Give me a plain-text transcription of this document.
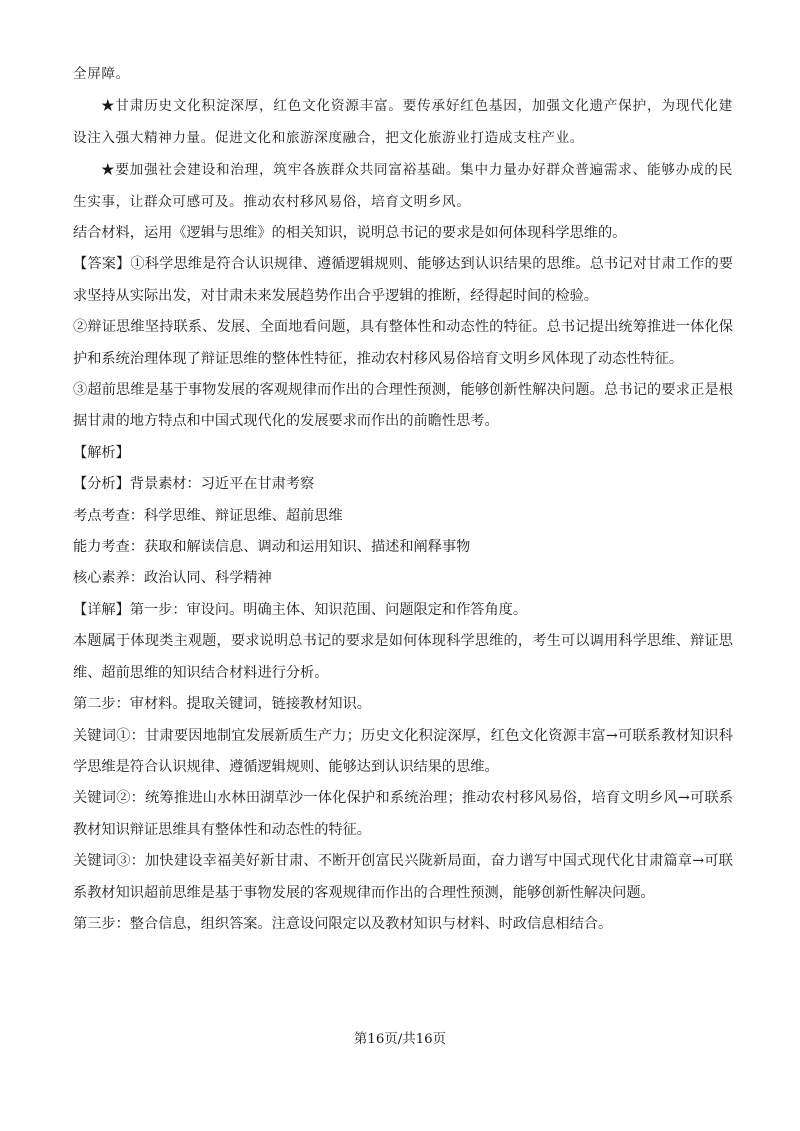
全屏障。

★甘肃历史文化积淀深厚，红色文化资源丰富。要传承好红色基因，加强文化遗产保护，为现代化建设注入强大精神力量。促进文化和旅游深度融合，把文化旅游业打造成支柱产业。

★要加强社会建设和治理，筑牢各族群众共同富裕基础。集中力量办好群众普遍需求、能够办成的民生实事，让群众可感可及。推动农村移风易俗，培育文明乡风。

结合材料，运用《逻辑与思维》的相关知识，说明总书记的要求是如何体现科学思维的。

【答案】①科学思维是符合认识规律、遵循逻辑规则、能够达到认识结果的思维。总书记对甘肃工作的要求坚持从实际出发，对甘肃未来发展趋势作出合乎逻辑的推断，经得起时间的检验。

②辩证思维坚持联系、发展、全面地看问题，具有整体性和动态性的特征。总书记提出统筹推进一体化保护和系统治理体现了辩证思维的整体性特征，推动农村移风易俗培育文明乡风体现了动态性特征。

③超前思维是基于事物发展的客观规律而作出的合理性预测，能够创新性解决问题。总书记的要求正是根据甘肃的地方特点和中国式现代化的发展要求而作出的前瞻性思考。

【解析】

【分析】背景素材：习近平在甘肃考察

考点考查：科学思维、辩证思维、超前思维

能力考查：获取和解读信息、调动和运用知识、描述和阐释事物

核心素养：政治认同、科学精神

【详解】第一步：审设问。明确主体、知识范围、问题限定和作答角度。

本题属于体现类主观题，要求说明总书记的要求是如何体现科学思维的，考生可以调用科学思维、辩证思维、超前思维的知识结合材料进行分析。

第二步：审材料。提取关键词，链接教材知识。

关键词①：甘肃要因地制宜发展新质生产力；历史文化积淀深厚，红色文化资源丰富→可联系教材知识科学思维是符合认识规律、遵循逻辑规则、能够达到认识结果的思维。

关键词②：统筹推进山水林田湖草沙一体化保护和系统治理；推动农村移风易俗，培育文明乡风→可联系教材知识辩证思维具有整体性和动态性的特征。

关键词③：加快建设幸福美好新甘肃、不断开创富民兴陇新局面，奋力谱写中国式现代化甘肃篇章→可联系教材知识超前思维是基于事物发展的客观规律而作出的合理性预测，能够创新性解决问题。

第三步：整合信息，组织答案。注意设问限定以及教材知识与材料、时政信息相结合。

第16页/共16页
